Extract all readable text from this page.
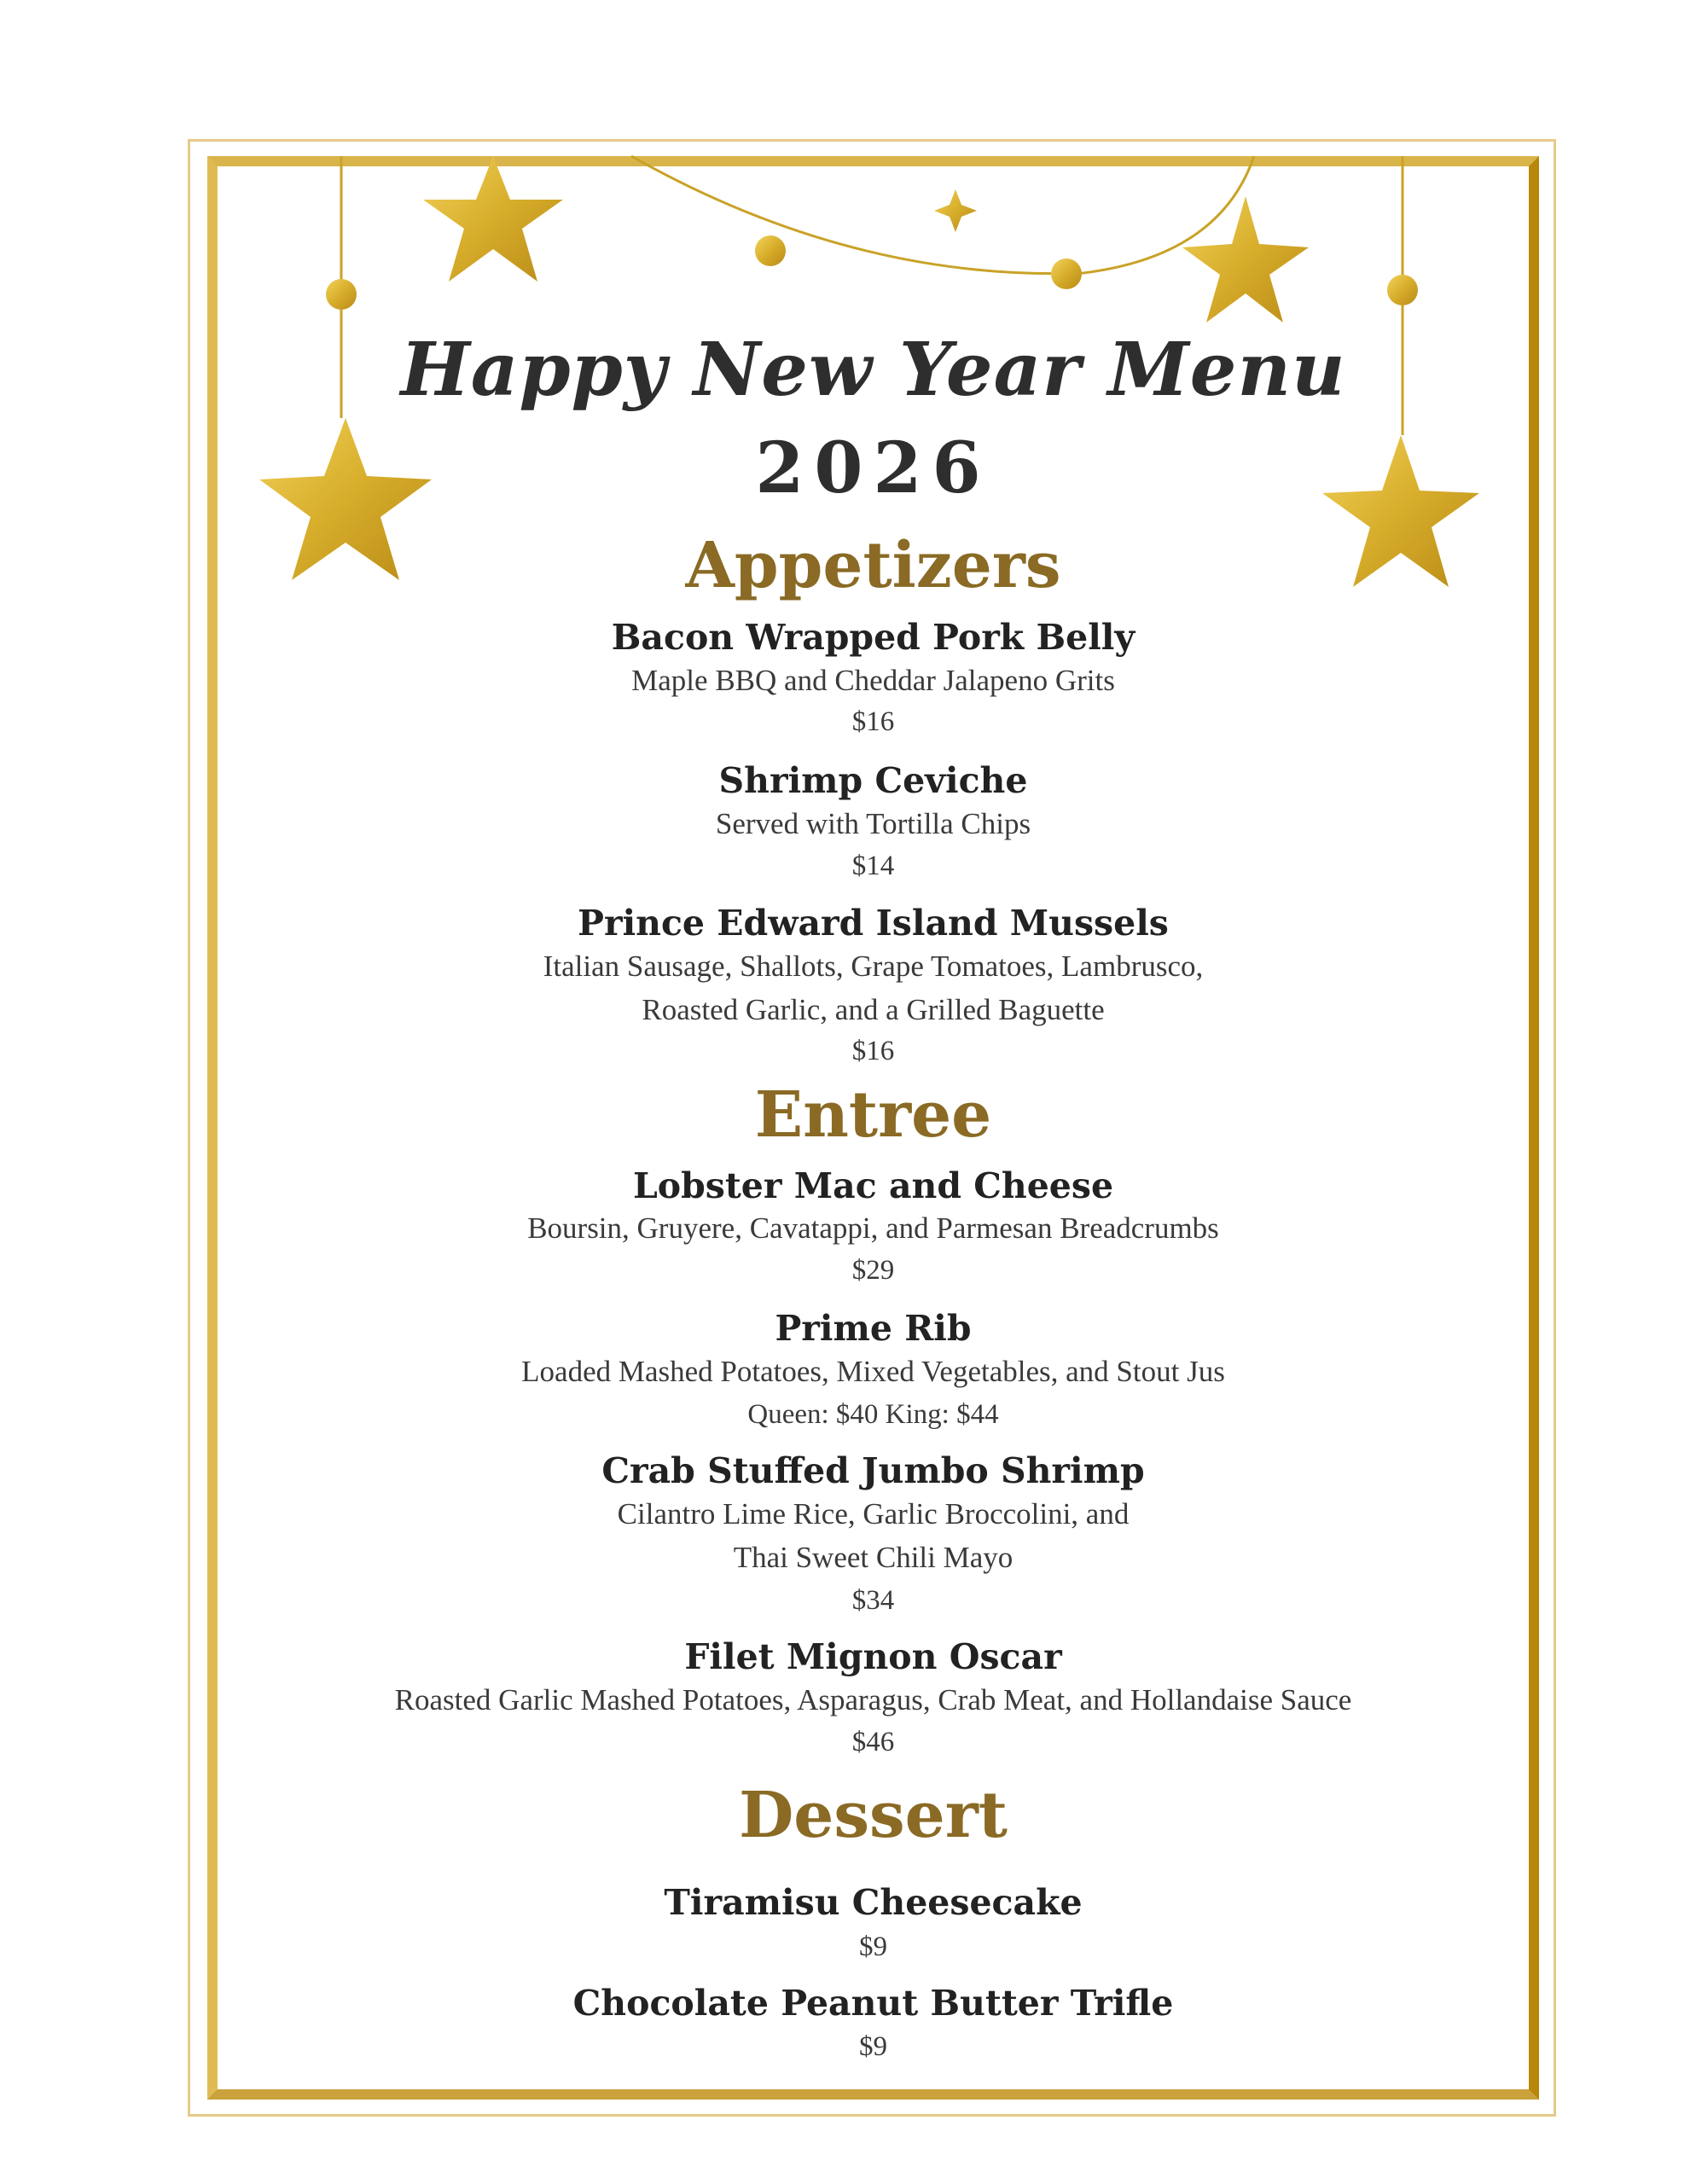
Happy New Year Menu
2026
Appetizers
Bacon Wrapped Pork Belly
Maple BBQ and Cheddar Jalapeno Grits
$16
Shrimp Ceviche
Served with Tortilla Chips
$14
Prince Edward Island Mussels
Italian Sausage, Shallots, Grape Tomatoes, Lambrusco,
Roasted Garlic, and a Grilled Baguette
$16
Entree
Lobster Mac and Cheese
Boursin, Gruyere, Cavatappi, and Parmesan Breadcrumbs
$29
Prime Rib
Loaded Mashed Potatoes, Mixed Vegetables, and Stout Jus
Queen: $40 King: $44
Crab Stuffed Jumbo Shrimp
Cilantro Lime Rice, Garlic Broccolini, and
Thai Sweet Chili Mayo
$34
Filet Mignon Oscar
Roasted Garlic Mashed Potatoes, Asparagus, Crab Meat, and Hollandaise Sauce
$46
Dessert
Tiramisu Cheesecake
$9
Chocolate Peanut Butter Trifle
$9
